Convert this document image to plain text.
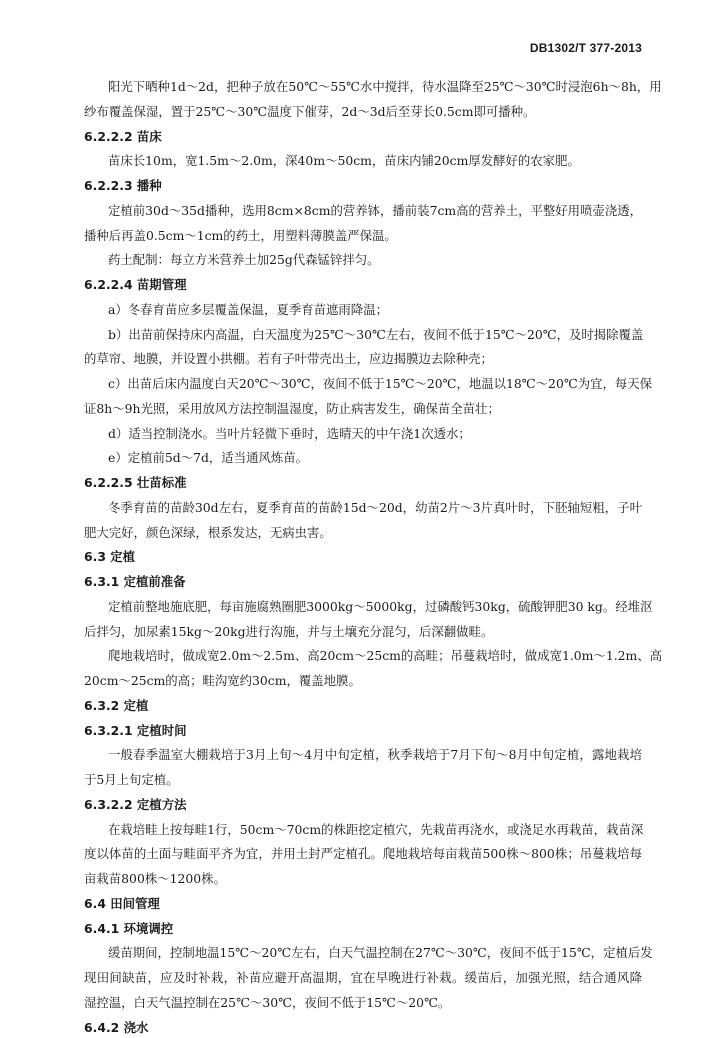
DB1302/T 377-2013
阳光下晒种1d～2d，把种子放在50℃～55℃水中搅拌，待水温降至25℃～30℃时浸泡6h～8h，用
纱布覆盖保湿，置于25℃～30℃温度下催芽，2d～3d后至芽长0.5cm即可播种。
6.2.2.2 苗床
苗床长10m，宽1.5m～2.0m，深40m～50cm，苗床内铺20cm厚发酵好的农家肥。
6.2.2.3 播种
定植前30d～35d播种，选用8cm×8cm的营养钵，播前装7cm高的营养土，平整好用喷壶浇透，
播种后再盖0.5cm～1cm的药土，用塑料薄膜盖严保温。
药土配制：每立方米营养土加25g代森锰锌拌匀。
6.2.2.4 苗期管理
a）冬春育苗应多层覆盖保温，夏季育苗遮雨降温；
b）出苗前保持床内高温，白天温度为25℃～30℃左右，夜间不低于15℃～20℃，及时揭除覆盖
的草帘、地膜，并设置小拱棚。若有子叶带壳出土，应边揭膜边去除种壳；
c）出苗后床内温度白天20℃～30℃，夜间不低于15℃～20℃，地温以18℃～20℃为宜，每天保
证8h～9h光照，采用放风方法控制温湿度，防止病害发生，确保苗全苗壮；
d）适当控制浇水。当叶片轻微下垂时，选晴天的中午浇1次透水；
e）定植前5d～7d，适当通风炼苗。
6.2.2.5 壮苗标准
冬季育苗的苗龄30d左右，夏季育苗的苗龄15d～20d，幼苗2片～3片真叶时，下胚轴短粗，子叶
肥大完好，颜色深绿，根系发达，无病虫害。
6.3 定植
6.3.1 定植前准备
定植前整地施底肥，每亩施腐熟圈肥3000kg～5000kg，过磷酸钙30kg，硫酸钾肥30 kg。经堆沤
后拌匀，加尿素15kg～20kg进行沟施，并与土壤充分混匀，后深翻做畦。
爬地栽培时，做成宽2.0m～2.5m、高20cm～25cm的高畦；吊蔓栽培时，做成宽1.0m～1.2m、高
20cm～25cm的高；畦沟宽约30cm，覆盖地膜。
6.3.2 定植
6.3.2.1 定植时间
一般春季温室大棚栽培于3月上旬～4月中旬定植，秋季栽培于7月下旬～8月中旬定植，露地栽培
于5月上旬定植。
6.3.2.2 定植方法
在栽培畦上按每畦1行，50cm～70cm的株距挖定植穴，先栽苗再浇水，或浇足水再栽苗，栽苗深
度以体苗的土面与畦面平齐为宜，并用土封严定植孔。爬地栽培每亩栽苗500株～800株；吊蔓栽培每
亩栽苗800株～1200株。
6.4 田间管理
6.4.1 环境调控
缓苗期间，控制地温15℃～20℃左右，白天气温控制在27℃～30℃，夜间不低于15℃，定植后发
现田间缺苗，应及时补栽，补苗应避开高温期，宜在早晚进行补栽。缓苗后，加强光照，结合通风降
湿控温，白天气温控制在25℃～30℃，夜间不低于15℃～20℃。
6.4.2 浇水
